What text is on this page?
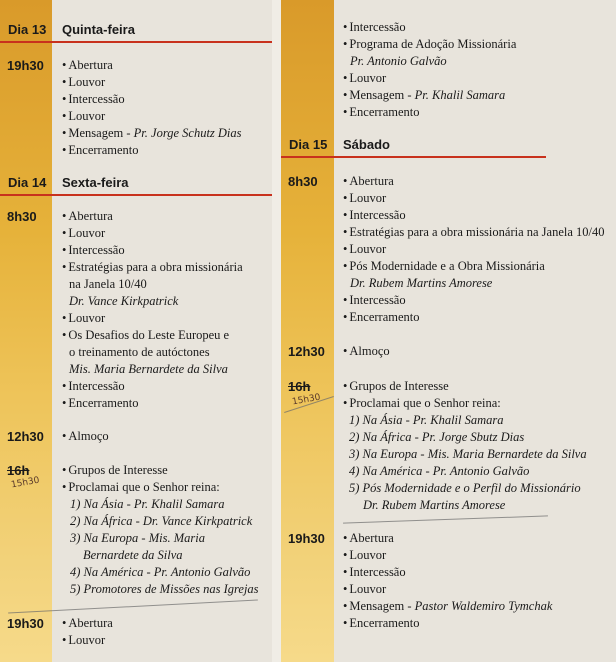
Dia 13 Quinta-feira
19h30	• Abertura
• Louvor
• Intercessão
• Louvor
• Mensagem - Pr. Jorge Schutz Dias
• Encerramento
Dia 14 Sexta-feira
8h30	• Abertura
• Louvor
• Intercessão
• Estratégias para a obra missionária
na Janela 10/40
Dr. Vance Kirkpatrick
• Louvor
• Os Desafios do Leste Europeu e
o treinamento de autóctones
Mis. Maria Bernardete da Silva
• Intercessão
• Encerramento
12h30	• Almoço
16h
15h30
• Grupos de Interesse
• Proclamai que o Senhor reina:
1) Na Ásia - Pr. Khalil Samara
2) Na África - Dr. Vance Kirkpatrick
3) Na Europa - Mis. Maria
Bernardete da Silva
4) Na América - Pr. Antonio Galvão
5) Promotores de Missões nas Igrejas
19h30	• Abertura
• Louvor
• Intercessão
• Programa de Adoção Missionária
Pr. Antonio Galvão
• Louvor
• Mensagem - Pr. Khalil Samara
• Encerramento
Dia 15 Sábado
8h30	• Abertura
• Louvor
• Intercessão
• Estratégias para a obra missionária na Janela 10/40
• Louvor
• Pós Modernidade e a Obra Missionária
Dr. Rubem Martins Amorese
• Intercessão
• Encerramento
12h30	• Almoço
16h
15h30
• Grupos de Interesse
• Proclamai que o Senhor reina:
1) Na Ásia - Pr. Khalil Samara
2) Na África - Pr. Jorge Sbutz Dias
3) Na Europa - Mis. Maria Bernardete da Silva
4) Na América - Pr. Antonio Galvão
5) Pós Modernidade e o Perfil do Missionário
Dr. Rubem Martins Amorese
19h30	• Abertura
• Louvor
• Intercessão
• Louvor
• Mensagem - Pastor Waldemiro Tymchak
• Encerramento
